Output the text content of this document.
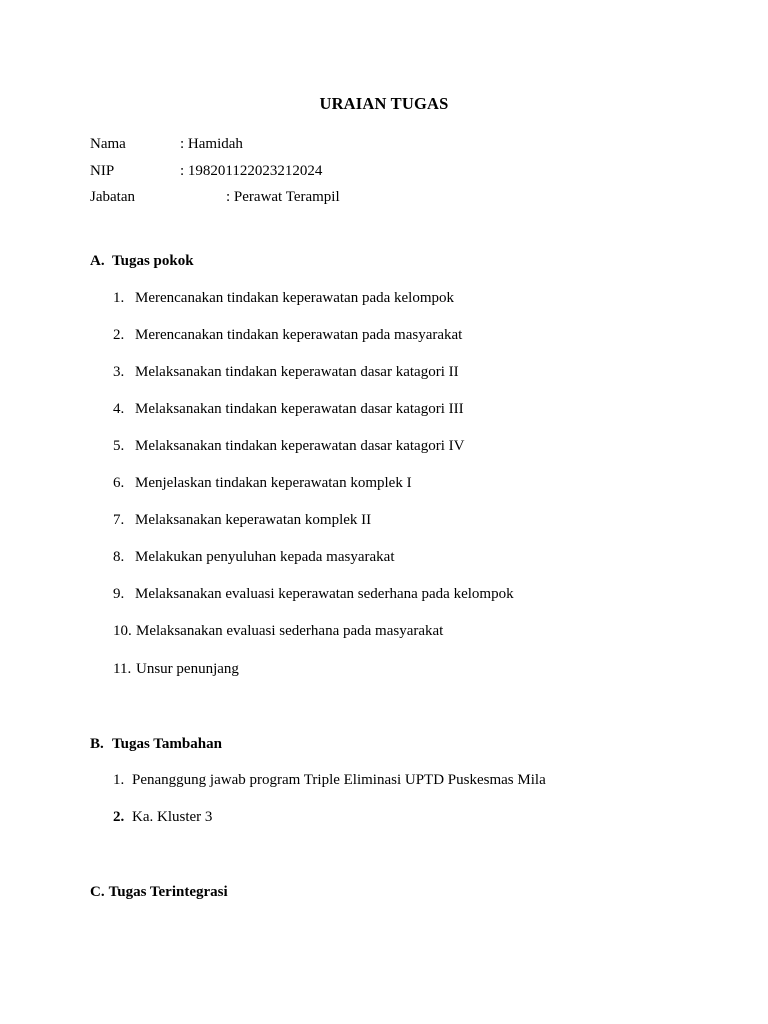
URAIAN TUGAS
Nama	: Hamidah
NIP	: 198201122023212024
Jabatan	: Perawat Terampil
A. Tugas pokok
1. Merencanakan tindakan keperawatan pada kelompok
2. Merencanakan tindakan keperawatan pada masyarakat
3. Melaksanakan tindakan keperawatan dasar katagori II
4. Melaksanakan tindakan keperawatan dasar katagori III
5. Melaksanakan tindakan keperawatan dasar katagori IV
6. Menjelaskan tindakan keperawatan komplek I
7. Melaksanakan keperawatan komplek II
8. Melakukan penyuluhan kepada masyarakat
9. Melaksanakan evaluasi keperawatan sederhana pada kelompok
10. Melaksanakan evaluasi sederhana pada masyarakat
11. Unsur penunjang
B. Tugas Tambahan
1. Penanggung jawab program Triple Eliminasi UPTD Puskesmas Mila
2. Ka. Kluster 3
C. Tugas Terintegrasi
